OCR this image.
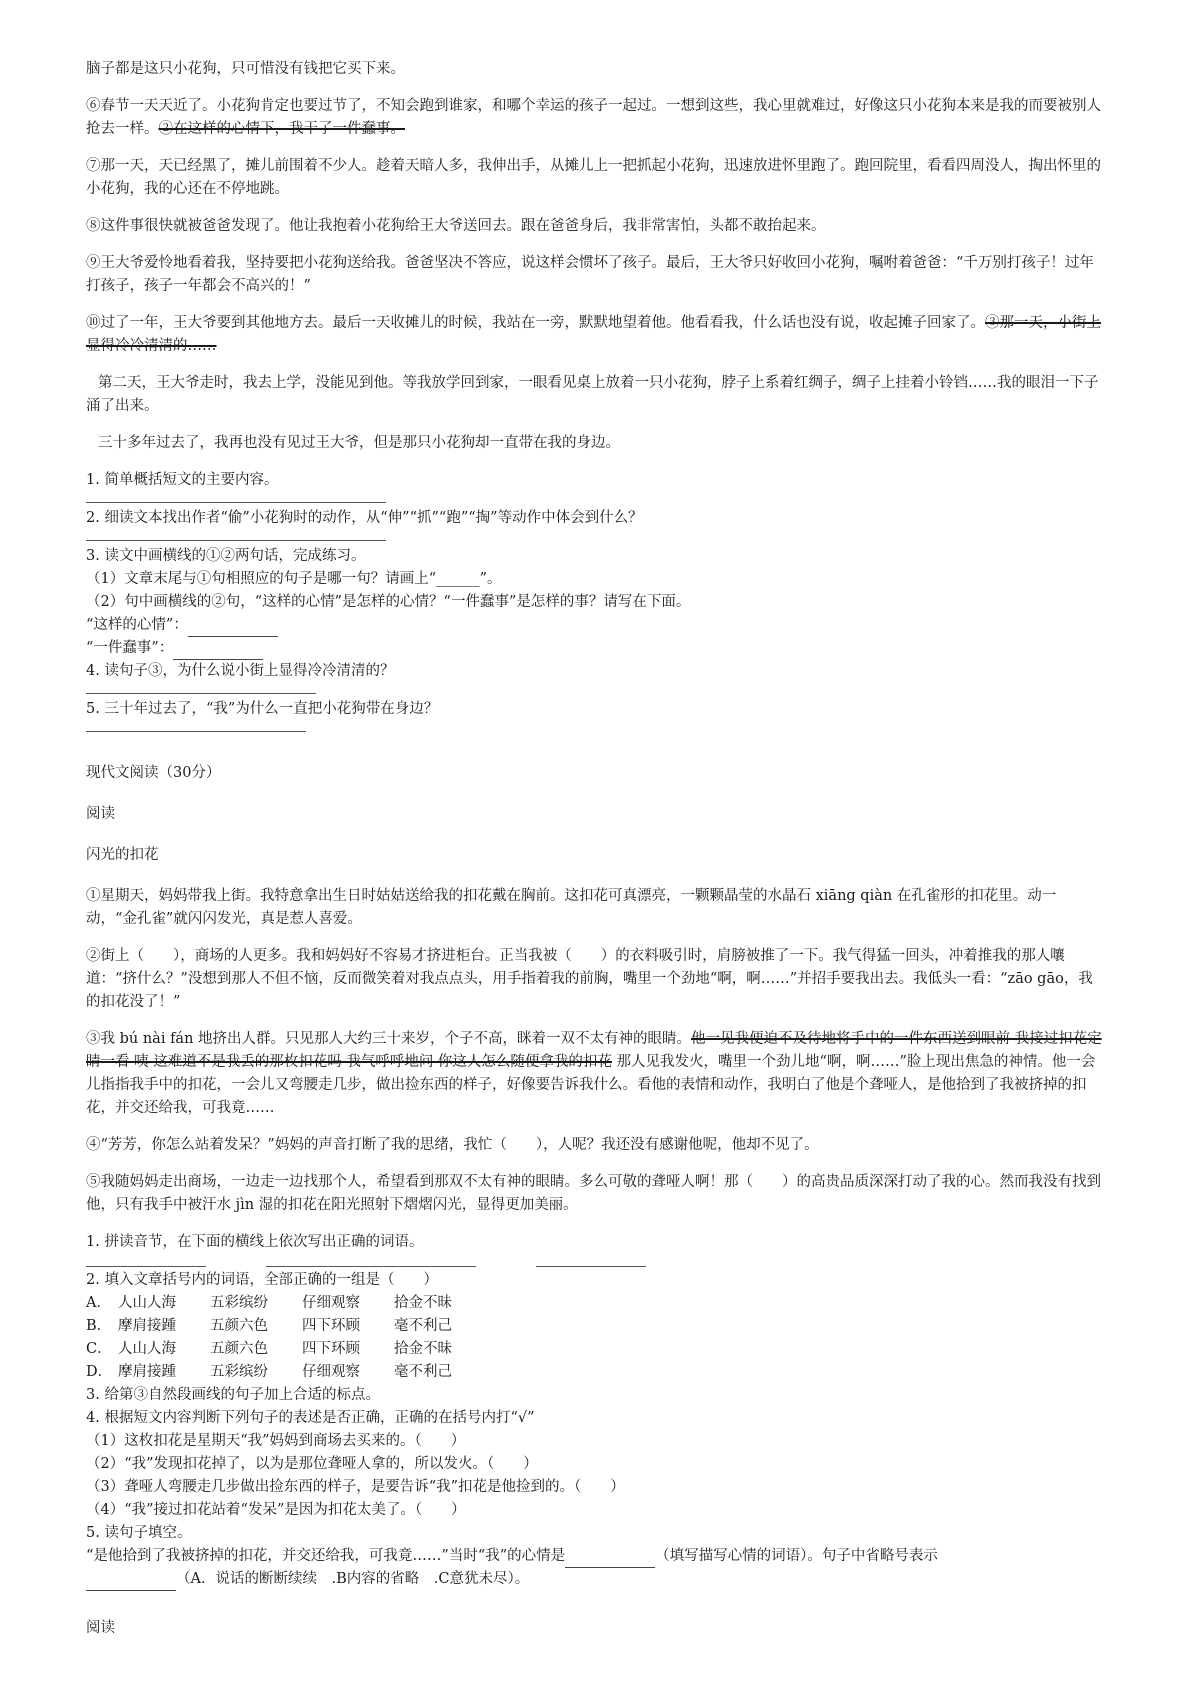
脑子都是这只小花狗，只可惜没有钱把它买下来。

⑥春节一天天近了。小花狗肯定也要过节了，不知会跑到谁家，和哪个幸运的孩子一起过。一想到这些，我心里就难过，好像这只小花狗本来是我的而要被别人抢去一样。②在这样的心情下，我干了一件蠢事。

⑦那一天，天已经黑了，摊儿前围着不少人。趁着天暗人多，我伸出手，从摊儿上一把抓起小花狗，迅速放进怀里跑了。跑回院里，看看四周没人，掏出怀里的小花狗，我的心还在不停地跳。

⑧这件事很快就被爸爸发现了。他让我抱着小花狗给王大爷送回去。跟在爸爸身后，我非常害怕，头都不敢抬起来。

⑨王大爷爱怜地看着我，坚持要把小花狗送给我。爸爸坚决不答应，说这样会惯坏了孩子。最后，王大爷只好收回小花狗，嘱咐着爸爸：“千万别打孩子！过年打孩子，孩子一年都会不高兴的！”

⑩过了一年，王大爷要到其他地方去。最后一天收摊儿的时候，我站在一旁，默默地望着他。他看看我，什么话也没有说，收起摊子回家了。③那一天，小街上显得冷冷清清的……

第二天，王大爷走时，我去上学，没能见到他。等我放学回到家，一眼看见桌上放着一只小花狗，脖子上系着红绸子，绸子上挂着小铃铛……我的眼泪一下子涌了出来。

三十多年过去了，我再也没有见过王大爷，但是那只小花狗却一直带在我的身边。

1. 简单概括短文的主要内容。

2. 细读文本找出作者“偷”小花狗时的动作，从“伸”“抓”“跑”“掏”等动作中体会到什么？

3. 读文中画横线的①②两句话，完成练习。

（1）文章末尾与①句相照应的句子是哪一句？请画上“______”。

（2）句中画横线的②句，“这样的心情”是怎样的心情？“一件蠢事”是怎样的事？请写在下面。

“这样的心情”：

“一件蠢事”：

4. 读句子③，为什么说小街上显得冷冷清清的？

5. 三十年过去了，“我”为什么一直把小花狗带在身边？

现代文阅读（30分）

阅读

闪光的扣花

①星期天，妈妈带我上街。我特意拿出生日时姑姑送给我的扣花戴在胸前。这扣花可真漂亮，一颗颗晶莹的水晶石 xiāng qiàn 在孔雀形的扣花里。动一动，“金孔雀”就闪闪发光，真是惹人喜爱。

②街上（　　），商场的人更多。我和妈妈好不容易才挤进柜台。正当我被（　　）的衣料吸引时，肩膀被推了一下。我气得猛一回头，冲着推我的那人嚷道：“挤什么？”没想到那人不但不恼，反而微笑着对我点点头，用手指着我的前胸，嘴里一个劲地“啊，啊……”并招手要我出去。我低头一看：“zāo gāo，我的扣花没了！”

③我 bú nài fán 地挤出人群。只见那人大约三十来岁，个子不高，眯着一双不太有神的眼睛。他一见我便迫不及待地将手中的一件东西送到眼前 我接过扣花定睛一看 咦 这难道不是我丢的那枚扣花吗 我气呼呼地问 你这人怎么随便拿我的扣花 那人见我发火，嘴里一个劲儿地“啊，啊……”脸上现出焦急的神情。他一会儿指指我手中的扣花，一会儿又弯腰走几步，做出捡东西的样子，好像要告诉我什么。看他的表情和动作，我明白了他是个聋哑人，是他拾到了我被挤掉的扣花，并交还给我，可我竟……

④“芳芳，你怎么站着发呆？”妈妈的声音打断了我的思绪，我忙（　　），人呢？我还没有感谢他呢，他却不见了。

⑤我随妈妈走出商场，一边走一边找那个人，希望看到那双不太有神的眼睛。多么可敬的聋哑人啊！那（　　）的高贵品质深深打动了我的心。然而我没有找到他，只有我手中被汗水 jìn 湿的扣花在阳光照射下熠熠闪光，显得更加美丽。

1. 拼读音节，在下面的横线上依次写出正确的词语。

2. 填入文章括号内的词语，全部正确的一组是（　　）

A． 人山人海 五彩缤纷 仔细观察 拾金不昧

B． 摩肩接踵 五颜六色 四下环顾 毫不利己

C． 人山人海 五颜六色 四下环顾 拾金不昧

D． 摩肩接踵 五彩缤纷 仔细观察 毫不利己

3. 给第③自然段画线的句子加上合适的标点。

4. 根据短文内容判断下列句子的表述是否正确，正确的在括号内打“√”

（1）这枚扣花是星期天“我”妈妈到商场去买来的。（　　）

（2）“我”发现扣花掉了，以为是那位聋哑人拿的，所以发火。（　　）

（3）聋哑人弯腰走几步做出捡东西的样子，是要告诉“我”扣花是他捡到的。（　　）

（4）“我”接过扣花站着“发呆”是因为扣花太美了。（　　）

5. 读句子填空。

“是他拾到了我被挤掉的扣花，并交还给我，可我竟……”当时“我”的心情是	（填写描写心情的词语）。句子中省略号表示

（A．说话的断断续续　.B内容的省略　.C意犹未尽）。

阅读
